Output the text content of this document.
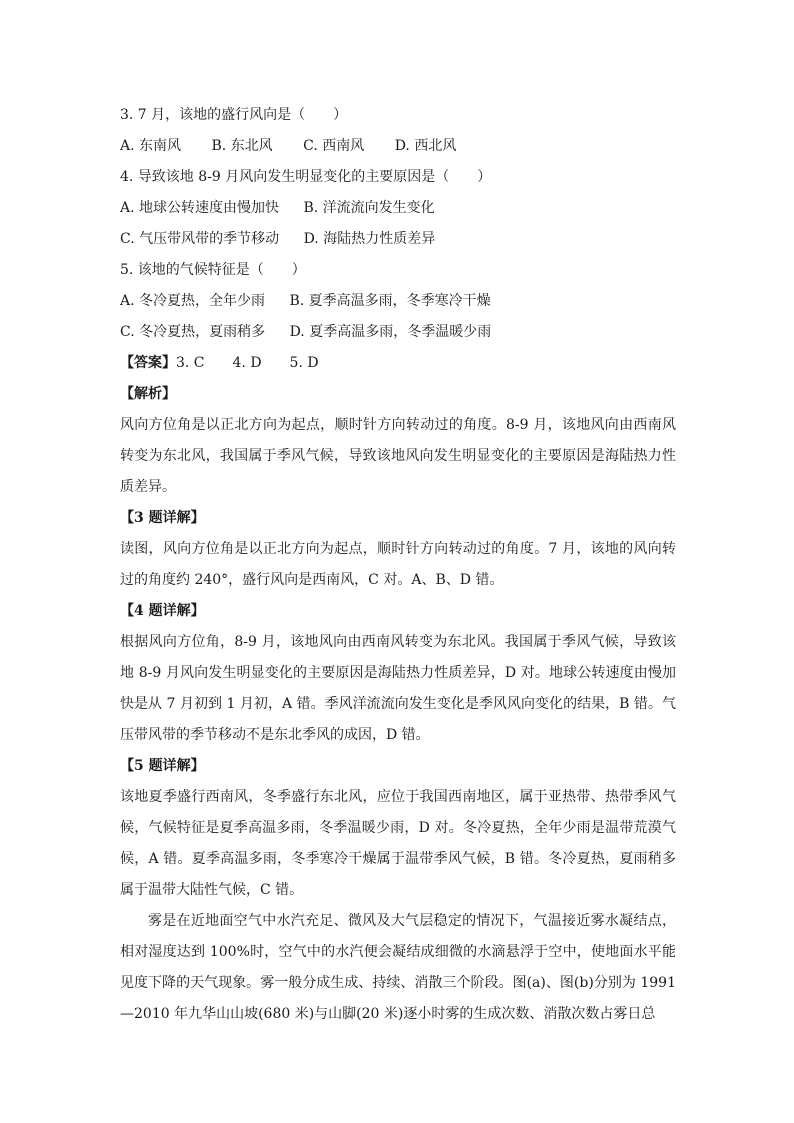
3. 7 月，该地的盛行风向是（　　）
A. 东南风 B. 东北风 C. 西南风 D. 西北风
4. 导致该地 8-9 月风向发生明显变化的主要原因是（　　）
A. 地球公转速度由慢加快 B. 洋流流向发生变化
C. 气压带风带的季节移动 D. 海陆热力性质差异
5. 该地的气候特征是（　　）
A. 冬冷夏热，全年少雨 B. 夏季高温多雨，冬季寒冷干燥
C. 冬冷夏热，夏雨稍多 D. 夏季高温多雨，冬季温暖少雨
【答案】3. C　　4. D　　5. D
【解析】

风向方位角是以正北方向为起点，顺时针方向转动过的角度。8-9 月，该地风向由西南风转变为东北风，我国属于季风气候，导致该地风向发生明显变化的主要原因是海陆热力性质差异。

【3 题详解】

读图，风向方位角是以正北方向为起点，顺时针方向转动过的角度。7 月，该地的风向转过的角度约 240°，盛行风向是西南风，C 对。A、B、D 错。

【4 题详解】

根据风向方位角，8-9 月，该地风向由西南风转变为东北风。我国属于季风气候，导致该地 8-9 月风向发生明显变化的主要原因是海陆热力性质差异，D 对。地球公转速度由慢加快是从 7 月初到 1 月初，A 错。季风洋流流向发生变化是季风风向变化的结果，B 错。气压带风带的季节移动不是东北季风的成因，D 错。

【5 题详解】

该地夏季盛行西南风，冬季盛行东北风，应位于我国西南地区，属于亚热带、热带季风气候，气候特征是夏季高温多雨，冬季温暖少雨，D 对。冬冷夏热，全年少雨是温带荒漠气候，A 错。夏季高温多雨，冬季寒冷干燥属于温带季风气候，B 错。冬冷夏热，夏雨稍多属于温带大陆性气候，C 错。

雾是在近地面空气中水汽充足、微风及大气层稳定的情况下，气温接近雾水凝结点，相对湿度达到 100%时，空气中的水汽便会凝结成细微的水滴悬浮于空中，使地面水平能见度下降的天气现象。雾一般分成生成、持续、消散三个阶段。图(a)、图(b)分别为 1991—2010 年九华山山坡(680 米)与山脚(20 米)逐小时雾的生成次数、消散次数占雾日总
